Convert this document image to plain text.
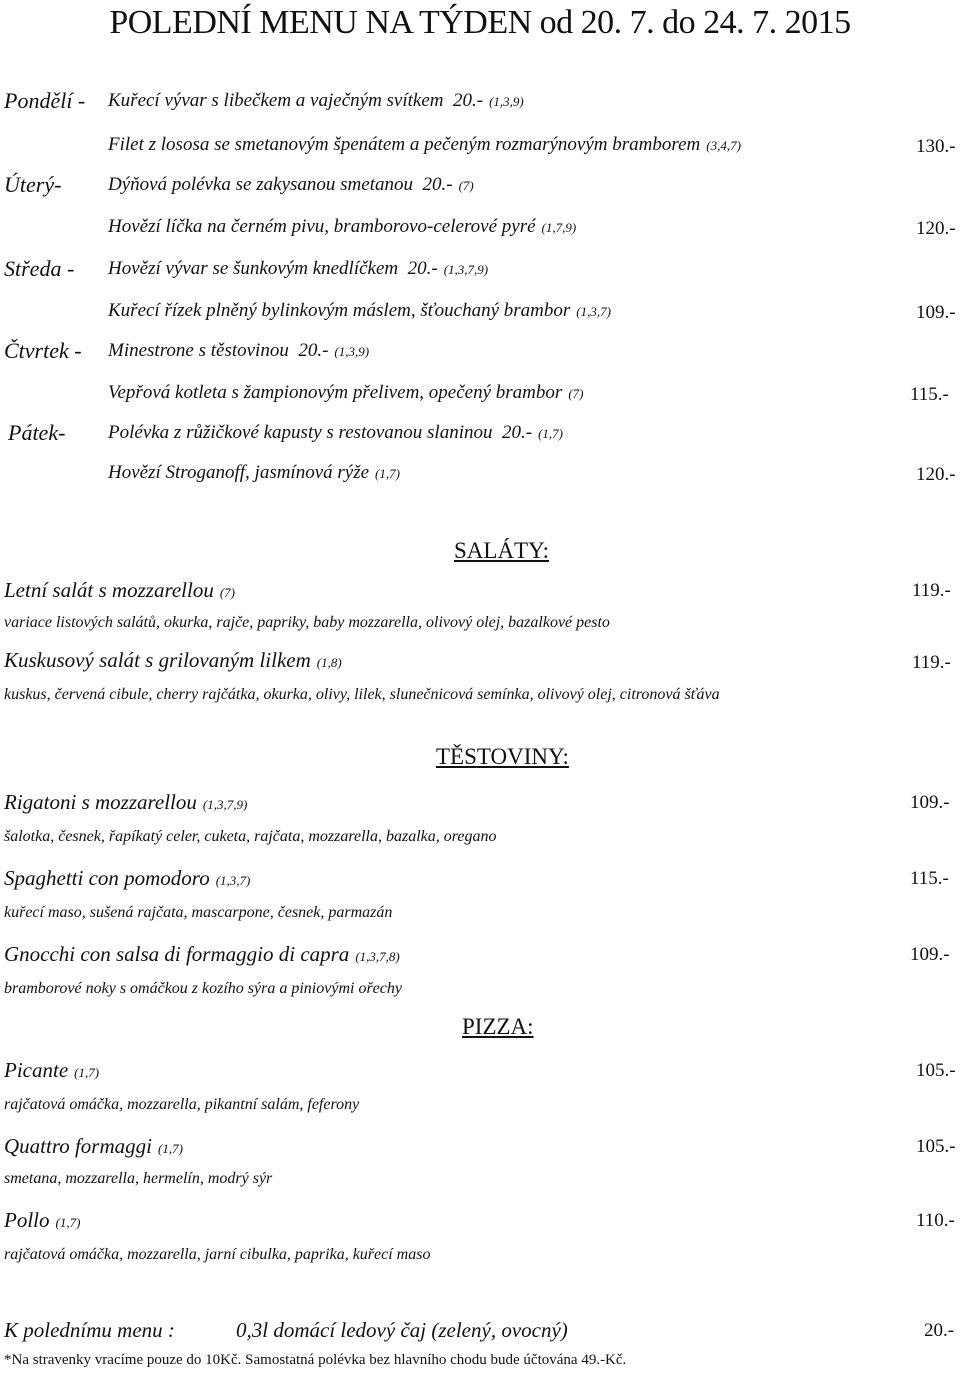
POLEDNÍ MENU NA TÝDEN od 20. 7. do 24. 7. 2015
Pondělí - Kuřecí vývar s libečkem a vaječným svítkem 20.- (1,3,9)
Filet z lososa se smetanovým špenátem a pečeným rozmarýnovým bramborem (3,4,7)	130.-
Úterý- Dýňová polévka se zakysanou smetanou 20.- (7)
Hovězí líčka na černém pivu, bramborovo-celerové pyré (1,7,9)	120.-
Středa - Hovězí vývar se šunkovým knedlíčkem 20.- (1,3,7,9)
Kuřecí řízek plněný bylinkovým máslem, šťouchaný brambor (1,3,7)	109.-
Čtvrtek - Minestrone s těstovinou 20.- (1,3,9)
Vepřová kotleta s žampionovým přelivem, opečený brambor (7)	115.-
Pátek- Polévka z růžičkové kapusty s restovanou slaninou 20.- (1,7)
Hovězí Stroganoff, jasmínová rýže (1,7)	120.-
SALÁTY:
Letní salát s mozzarellou (7)	119.-
variace listových salátů, okurka, rajče, papriky, baby mozzarella, olivový olej, bazalkové pesto
Kuskusový salát s grilovaným lilkem (1,8)	119.-
kuskus, červená cibule, cherry rajčátka, okurka, olivy, lilek, slunečnicová semínka, olivový olej, citronová šťáva
TĚSTOVINY:
Rigatoni s mozzarellou (1,3,7,9)	109.-
šalotka, česnek, řapíkatý celer, cuketa, rajčata, mozzarella, bazalka, oregano
Spaghetti con pomodoro (1,3,7)	115.-
kuřecí maso, sušená rajčata, mascarpone, česnek, parmazán
Gnocchi con salsa di formaggio di capra (1,3,7,8)	109.-
bramborové noky s omáčkou z kozího sýra a piniovými ořechy
PIZZA:
Picante (1,7)	105.-
rajčatová omáčka, mozzarella, pikantní salám, feferony
Quattro formaggi (1,7)	105.-
smetana, mozzarella, hermelín, modrý sýr
Pollo (1,7)	110.-
rajčatová omáčka, mozzarella, jarní cibulka, paprika, kuřecí maso
K polednímu menu :	0,3l domácí ledový čaj (zelený, ovocný)	20.-
*Na stravenky vracíme pouze do 10Kč. Samostatná polévka bez hlavního chodu bude účtována 49.-Kč.
